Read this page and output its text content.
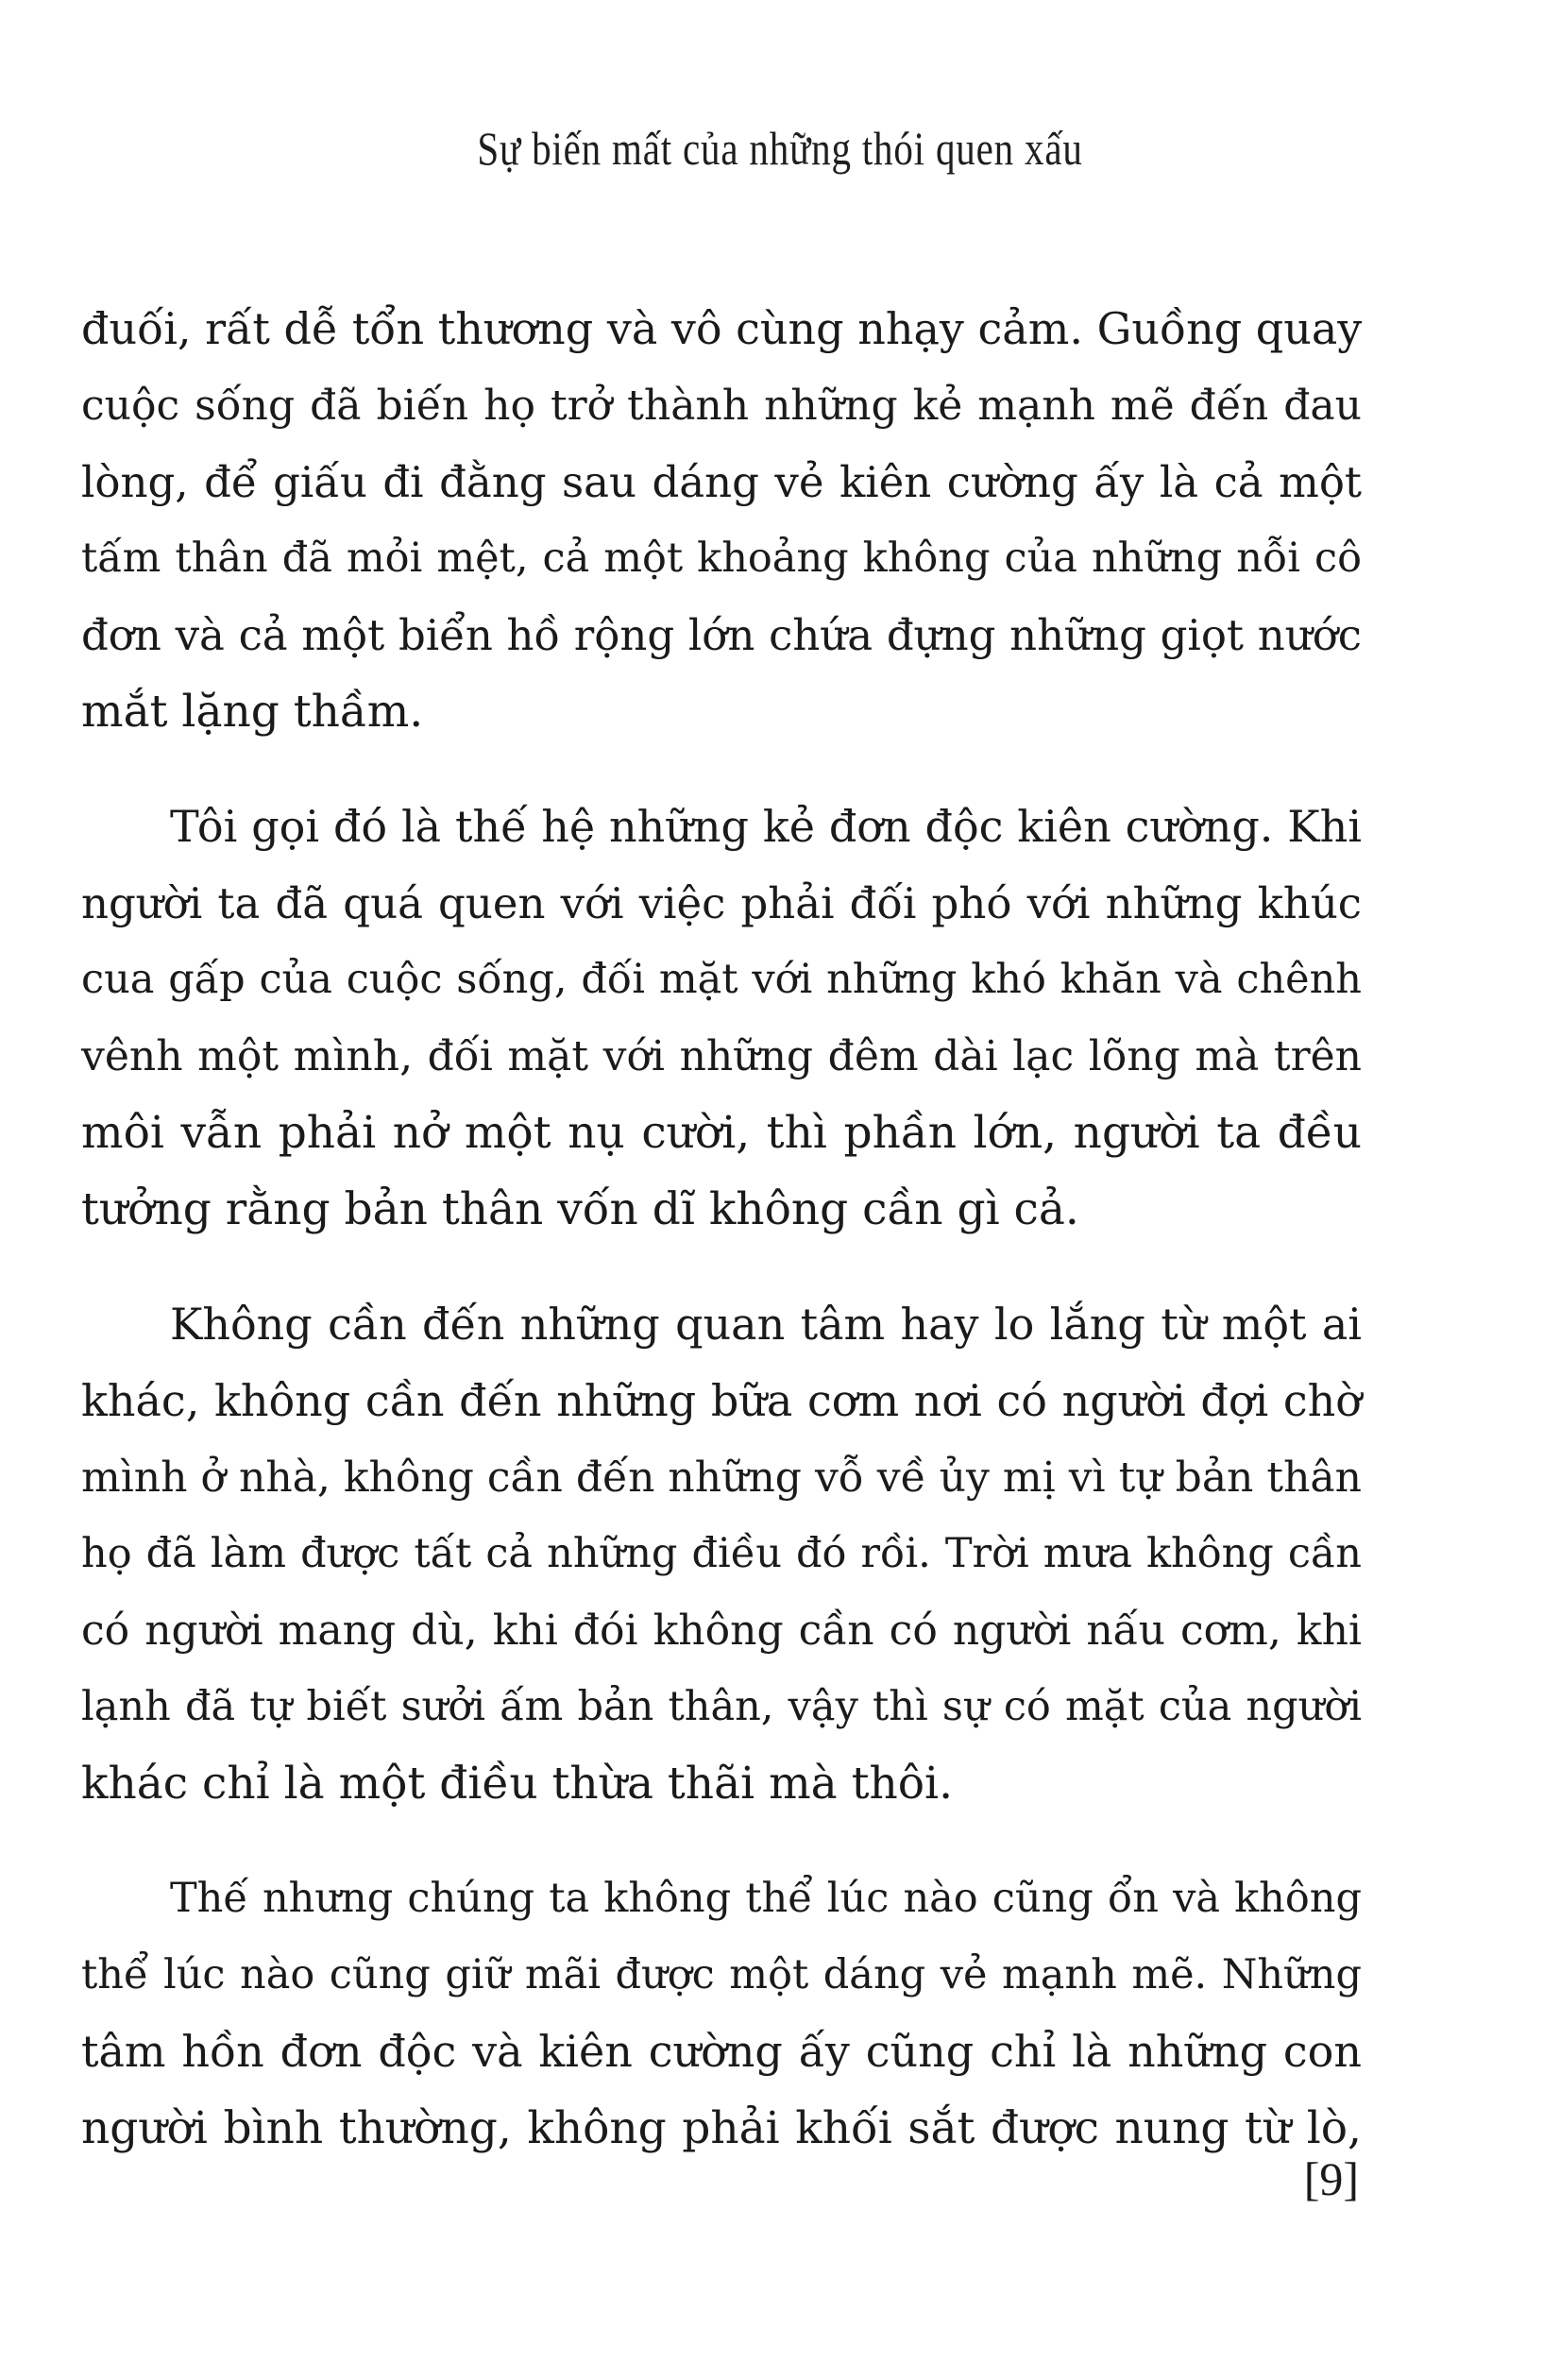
Sự biến mất của những thói quen xấu
đuối, rất dễ tổn thương và vô cùng nhạy cảm. Guồng quay
cuộc sống đã biến họ trở thành những kẻ mạnh mẽ đến đau
lòng, để giấu đi đằng sau dáng vẻ kiên cường ấy là cả một
tấm thân đã mỏi mệt, cả một khoảng không của những nỗi cô
đơn và cả một biển hồ rộng lớn chứa đựng những giọt nước
mắt lặng thầm.
Tôi gọi đó là thế hệ những kẻ đơn độc kiên cường. Khi
người ta đã quá quen với việc phải đối phó với những khúc
cua gấp của cuộc sống, đối mặt với những khó khăn và chênh
vênh một mình, đối mặt với những đêm dài lạc lõng mà trên
môi vẫn phải nở một nụ cười, thì phần lớn, người ta đều
tưởng rằng bản thân vốn dĩ không cần gì cả.
Không cần đến những quan tâm hay lo lắng từ một ai
khác, không cần đến những bữa cơm nơi có người đợi chờ
mình ở nhà, không cần đến những vỗ về ủy mị vì tự bản thân
họ đã làm được tất cả những điều đó rồi. Trời mưa không cần
có người mang dù, khi đói không cần có người nấu cơm, khi
lạnh đã tự biết sưởi ấm bản thân, vậy thì sự có mặt của người
khác chỉ là một điều thừa thãi mà thôi.
Thế nhưng chúng ta không thể lúc nào cũng ổn và không
thể lúc nào cũng giữ mãi được một dáng vẻ mạnh mẽ. Những
tâm hồn đơn độc và kiên cường ấy cũng chỉ là những con
người bình thường, không phải khối sắt được nung từ lò,
[9]
